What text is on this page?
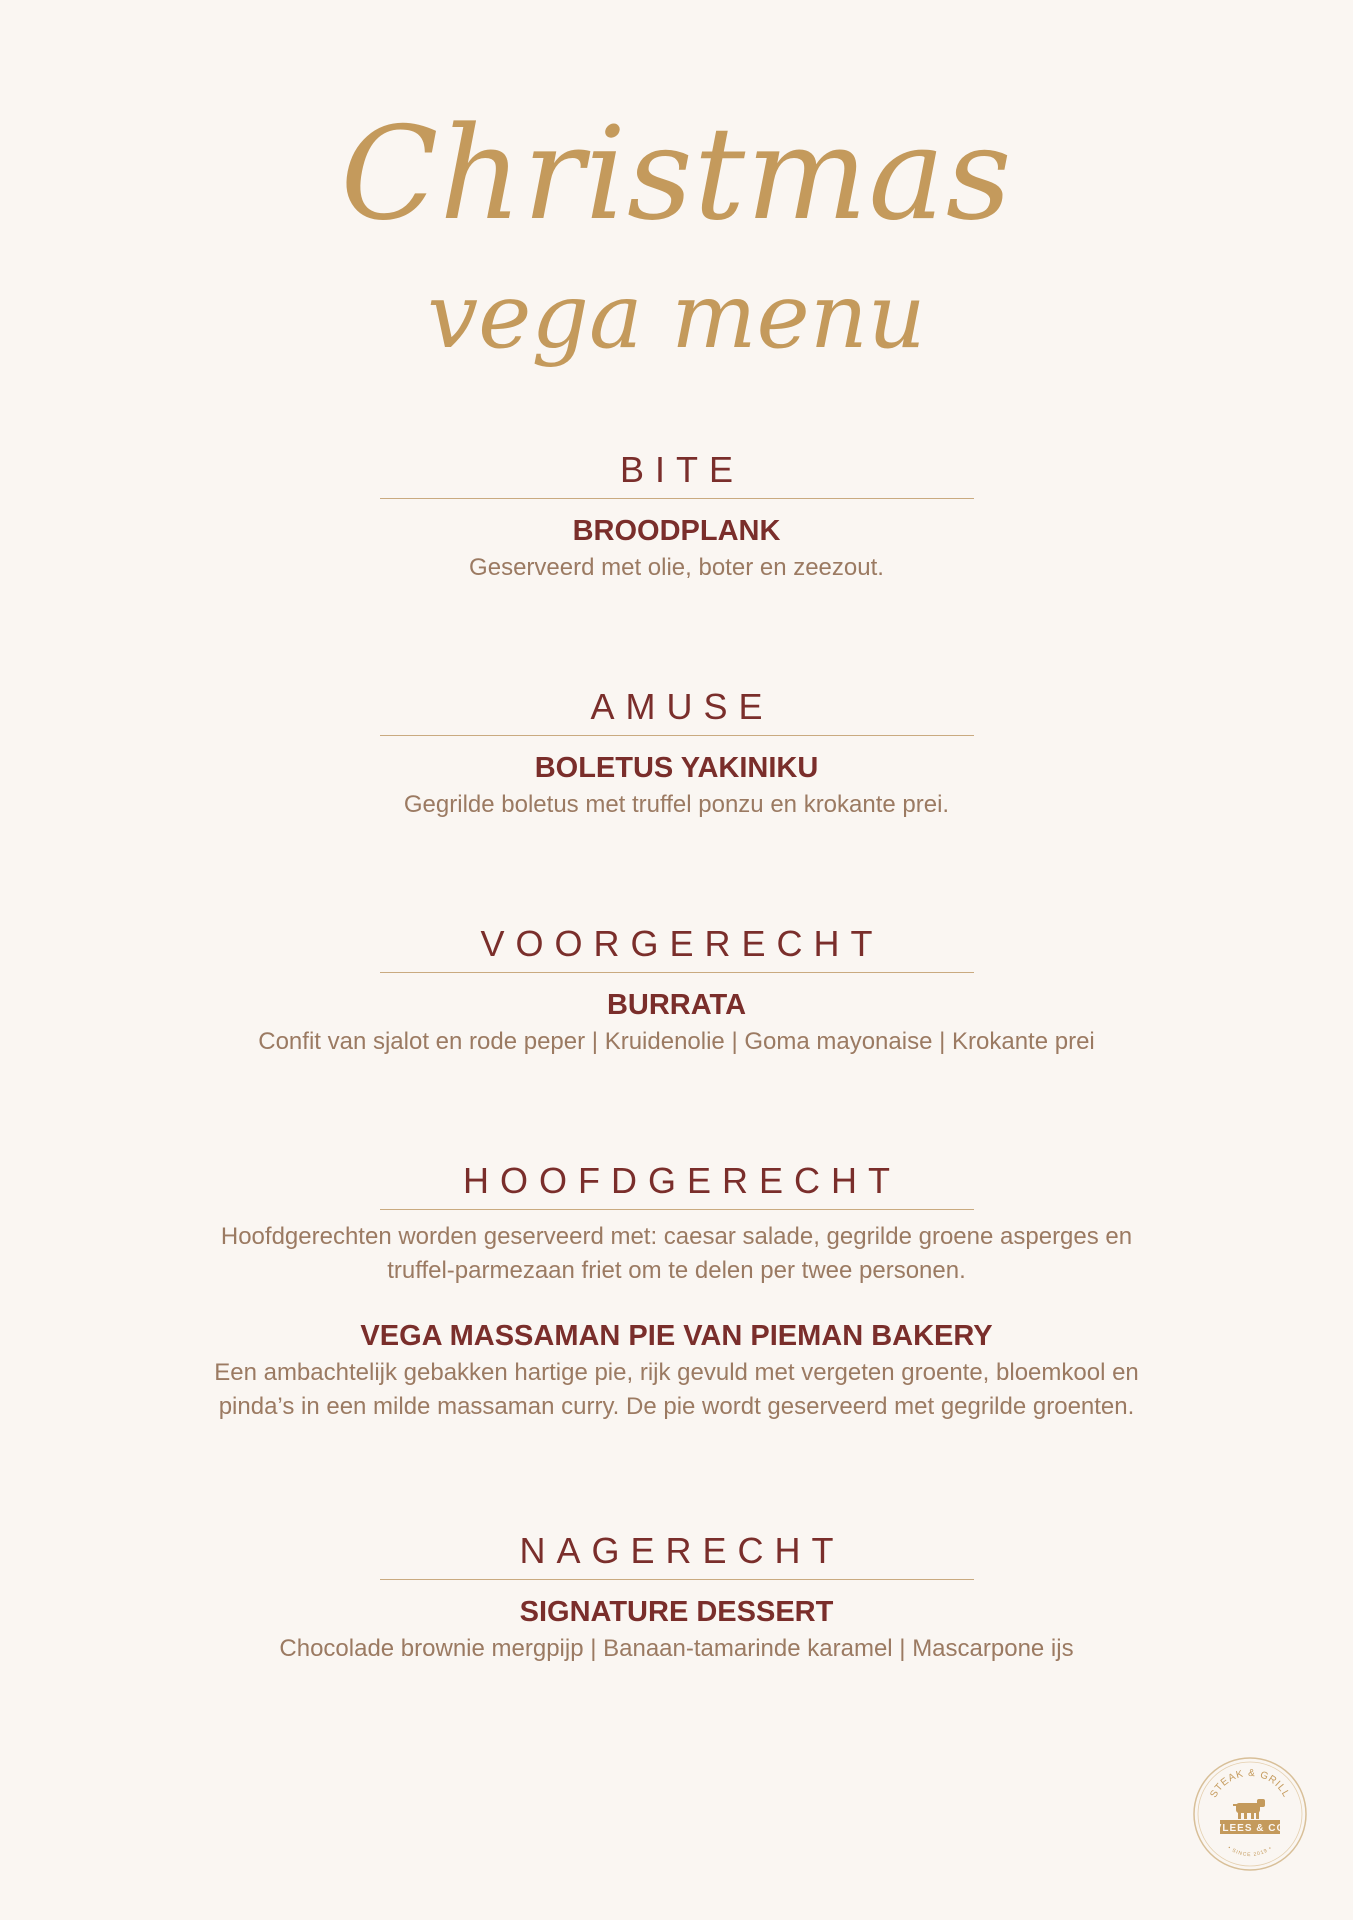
Christmas
vega menu
BITE
BROODPLANK
Geserveerd met olie, boter en zeezout.
AMUSE
BOLETUS YAKINIKU
Gegrilde boletus met truffel ponzu en krokante prei.
VOORGERECHT
BURRATA
Confit van sjalot en rode peper | Kruidenolie | Goma mayonaise | Krokante prei
HOOFDGERECHT
Hoofdgerechten worden geserveerd met: caesar salade, gegrilde groene asperges en
truffel-parmezaan friet om te delen per twee personen.
VEGA MASSAMAN PIE VAN PIEMAN BAKERY
Een ambachtelijk gebakken hartige pie, rijk gevuld met vergeten groente, bloemkool en
pinda’s in een milde massaman curry. De pie wordt geserveerd met gegrilde groenten.
NAGERECHT
SIGNATURE DESSERT
Chocolade brownie mergpijp | Banaan-tamarinde karamel | Mascarpone ijs
STEAK & GRILL
VLEES & CO
• SINCE 2019 •
